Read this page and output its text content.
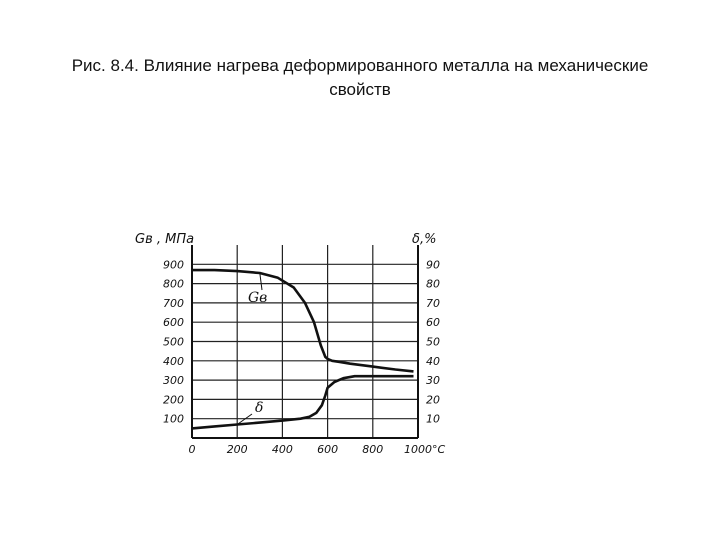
Рис. 8.4. Влияние нагрева деформированного металла на механические
свойств
Gв , МПа	δ,%
100
200
300
400
500
600
700
800
900
10
20
30
40
50
60
70
80
90
0	200 400 600 800 1000°C
Gв
δ
